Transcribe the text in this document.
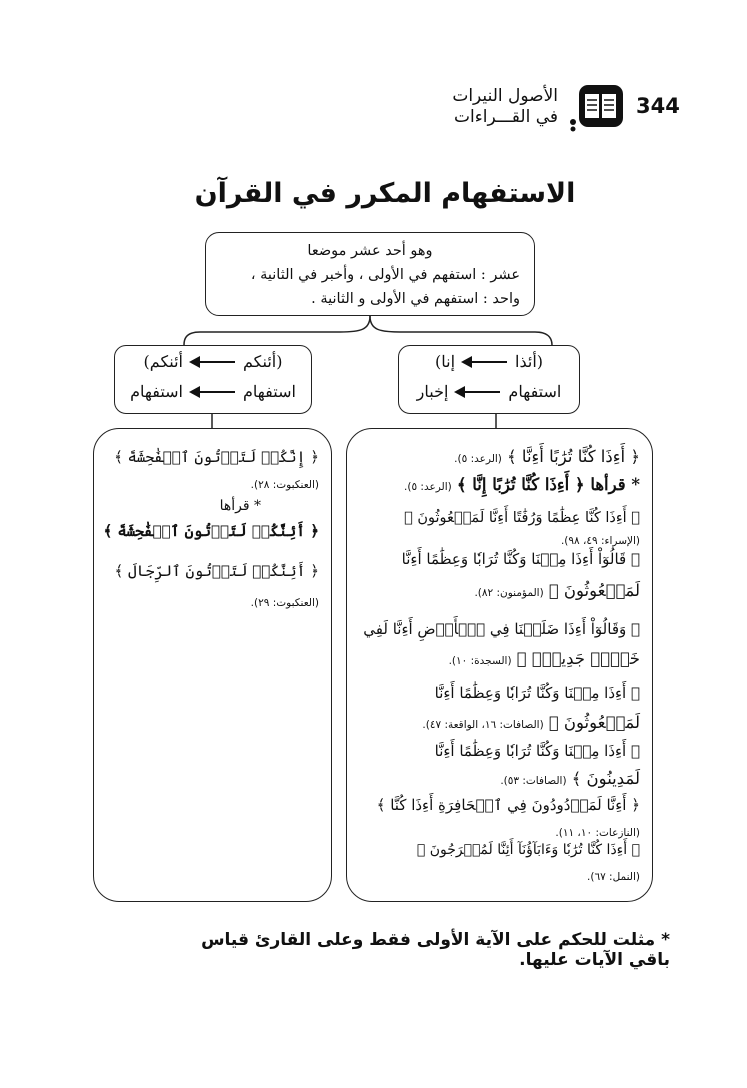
344
الأصول النيرات
في القـــراءات
الاستفهام المكرر في القرآن
وهو أحد عشر موضعا
عشر : استفهم في الأولى ، وأخبر في الثانية ،
واحد : استفهم في الأولى و الثانية .
(أئذا
إنا)
استفهام
إخبار
(أئنكم
أئنكم)
استفهام
استفهام
﴿ أَءِذَا كُنَّا تُرَٰبًا أَءِنَّا ﴾ (الرعد: ٥).
* قرأها ﴿ أَءِذَا كُنَّا تُرَٰبًا إِنَّا ﴾ (الرعد: ٥).
﴿ أَءِذَا كُنَّا عِظَٰمًا وَرُفَٰتًا أَءِنَّا لَمَبۡعُوثُونَ ﴾
(الإسراء: ٤٩، ٩٨).
﴿ قَالُوٓاْ أَءِذَا مِتۡنَا وَكُنَّا تُرَابٗا وَعِظَٰمًا أَءِنَّا
لَمَبۡعُوثُونَ ﴾ (المؤمنون: ٨٢).
﴿ وَقَالُوٓاْ أَءِذَا ضَلَلۡنَا فِي ٱلۡأَرۡضِ أَءِنَّا لَفِي
خَلۡقٖ جَدِيدِۢ ﴾ (السجدة: ١٠).
﴿ أَءِذَا مِتۡنَا وَكُنَّا تُرَابٗا وَعِظَٰمًا أَءِنَّا
لَمَبۡعُوثُونَ ﴾ (الصافات: ١٦، الواقعة: ٤٧).
﴿ أَءِذَا مِتۡنَا وَكُنَّا تُرَابٗا وَعِظَٰمًا أَءِنَّا
لَمَدِينُونَ ﴾ (الصافات: ٥٣).
﴿ أَءِنَّا لَمَرۡدُودُونَ فِي ٱلۡحَافِرَةِ أَءِذَا كُنَّا ﴾
(النازعات: ١٠، ١١).
﴿ أَءِذَا كُنَّا تُرَٰبٗا وَءَابَآؤُنَآ أَئِنَّا لَمُخۡرَجُونَ ﴾
(النمل: ٦٧).
﴿ إِنَّكُمۡ لَتَأۡتُونَ ٱلۡفَٰحِشَةَ ﴾
(العنكبوت: ٢٨).
* قرأها
﴿ أَئِنَّكُمۡ لَتَأۡتُونَ ٱلۡفَٰحِشَةَ ﴾
﴿ أَئِنَّكُمۡ لَتَأۡتُونَ ٱلرِّجَالَ ﴾
(العنكبوت: ٢٩).
* مثلت للحكم على الآية الأولى فقط وعلى القارئ قياس باقي الآيات عليها.
